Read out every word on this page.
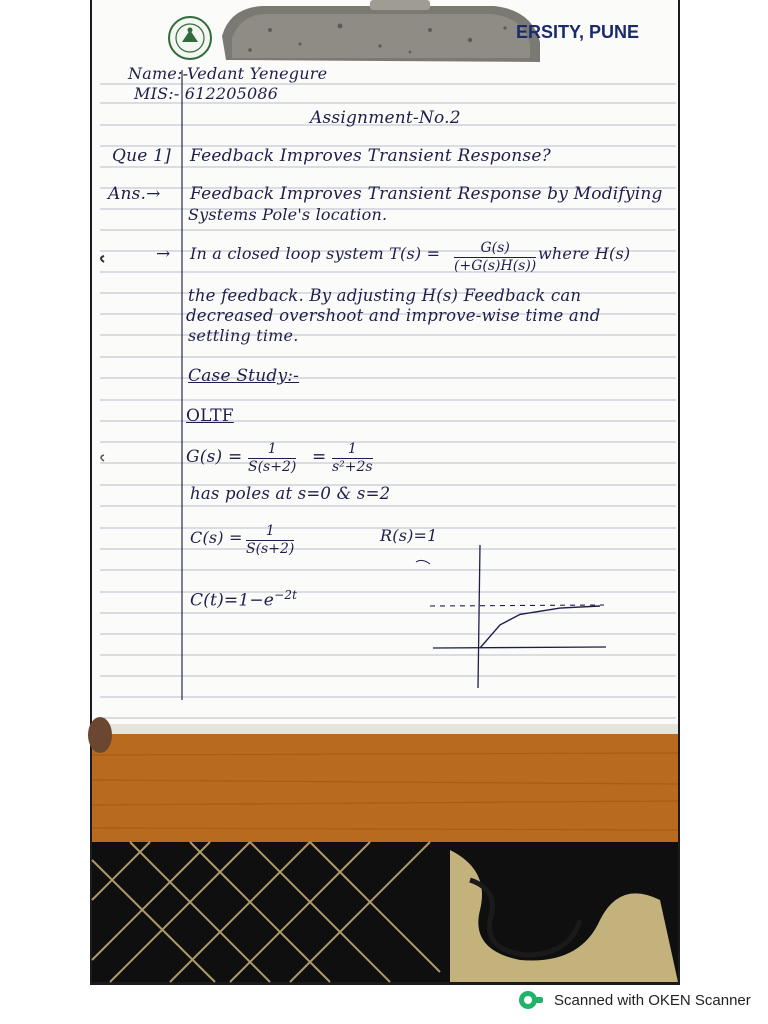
ERSITY, PUNE
Name:-Vedant Yenegure
MIS:- 612205086
Assignment-No.2
Que 1] Feedback Improves Transient Response?
Ans.→ Feedback Improves Transient Response by Modifying
Systems Pole's location.
→ In a closed loop system T(s) =	G(s)
(+G(s)H(s))
where H(s)
the feedback. By adjusting H(s) Feedback can
decreased overshoot and improve-wise time and
settling time.
Case Study:-
OLTF
G(s) = 1
S(s+2) = 1
s²+2s
has poles at s=0 & s=2
C(s) = 1
S(s+2)
R(s)=1
$C(t)=1-e^{-2t}$
Scanned with OKEN Scanner
